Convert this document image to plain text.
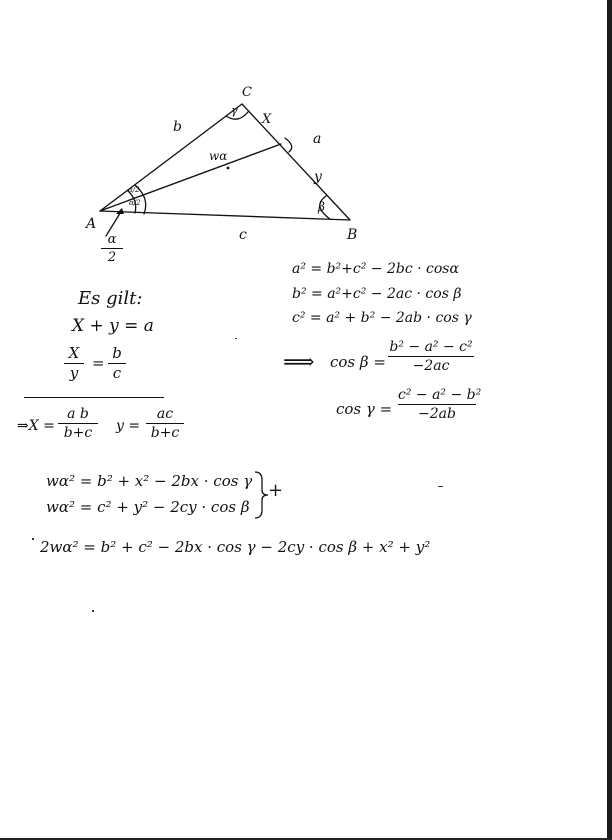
C
A
B
b
a
c
X
y
wα
γ
β
α/2
α/2
α
2
Es gilt:
X + y = a
X
y
=
b
c
⇒X =
a b
b+c	y =
ac
b+c
a² = b²+c² − 2bc · cosα
b² = a²+c² − 2ac · cos β
c² = a² + b² − 2ab · cos γ
⟹ cos β =
b² − a² − c²
−2ac
cos γ =
c² − a² − b²
−2ab
wα² = b² + x² − 2bx · cos γ
wα² = c² + y² − 2cy · cos β
+
2wα² = b² + c² − 2bx · cos γ − 2cy · cos β + x² + y²
